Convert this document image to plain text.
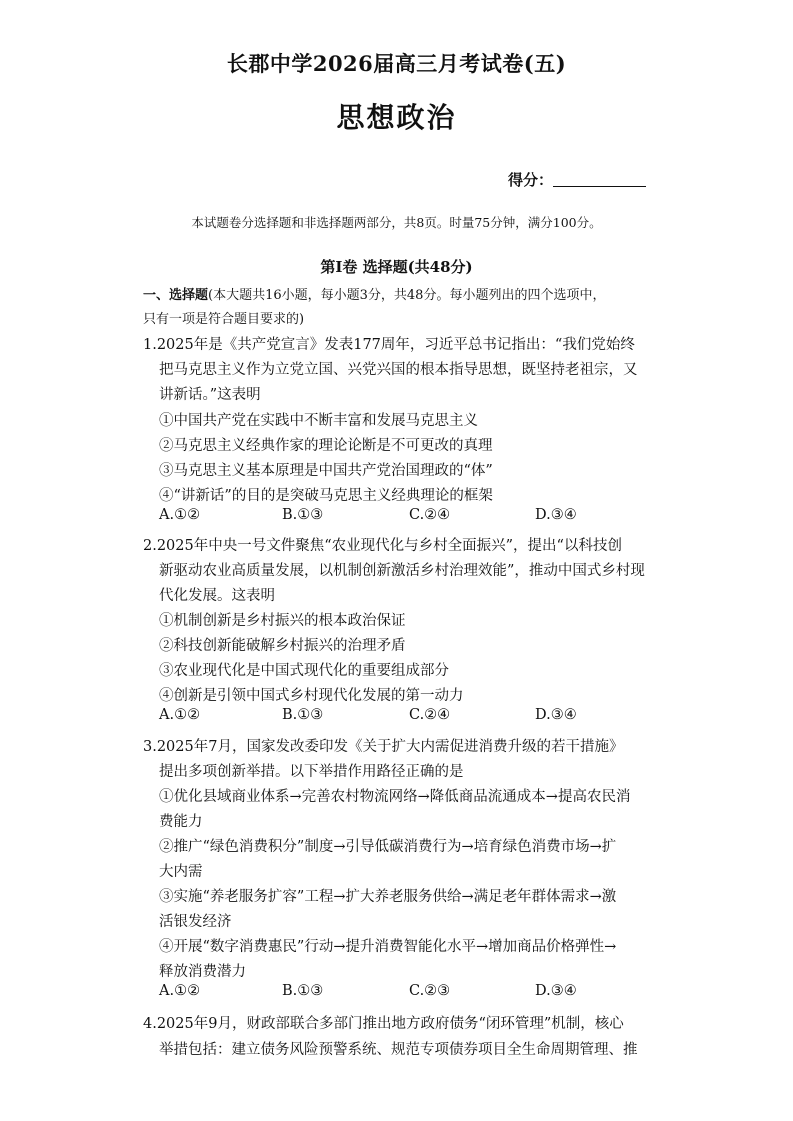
长郡中学2026届高三月考试卷(五)
思想政治
得分：
本试题卷分选择题和非选择题两部分，共8页。时量75分钟，满分100分。
第Ⅰ卷 选择题(共48分)
一、选择题(本大题共16小题，每小题3分，共48分。每小题列出的四个选项中，
只有一项是符合题目要求的)
1.2025年是《共产党宣言》发表177周年，习近平总书记指出：“我们党始终
把马克思主义作为立党立国、兴党兴国的根本指导思想，既坚持老祖宗，又
讲新话。”这表明
①中国共产党在实践中不断丰富和发展马克思主义
②马克思主义经典作家的理论论断是不可更改的真理
③马克思主义基本原理是中国共产党治国理政的“体”
④“讲新话”的目的是突破马克思主义经典理论的框架
A.①②	B.①③	C.②④	D.③④
2.2025年中央一号文件聚焦“农业现代化与乡村全面振兴”，提出“以科技创
新驱动农业高质量发展，以机制创新激活乡村治理效能”，推动中国式乡村现
代化发展。这表明
①机制创新是乡村振兴的根本政治保证
②科技创新能破解乡村振兴的治理矛盾
③农业现代化是中国式现代化的重要组成部分
④创新是引领中国式乡村现代化发展的第一动力
A.①②	B.①③	C.②④	D.③④
3.2025年7月，国家发改委印发《关于扩大内需促进消费升级的若干措施》
提出多项创新举措。以下举措作用路径正确的是
①优化县域商业体系→完善农村物流网络→降低商品流通成本→提高农民消
费能力
②推广“绿色消费积分”制度→引导低碳消费行为→培育绿色消费市场→扩
大内需
③实施“养老服务扩容”工程→扩大养老服务供给→满足老年群体需求→激
活银发经济
④开展“数字消费惠民”行动→提升消费智能化水平→增加商品价格弹性→
释放消费潜力
A.①②	B.①③	C.②③	D.③④
4.2025年9月，财政部联合多部门推出地方政府债务“闭环管理”机制，核心
举措包括：建立债务风险预警系统、规范专项债券项目全生命周期管理、推
